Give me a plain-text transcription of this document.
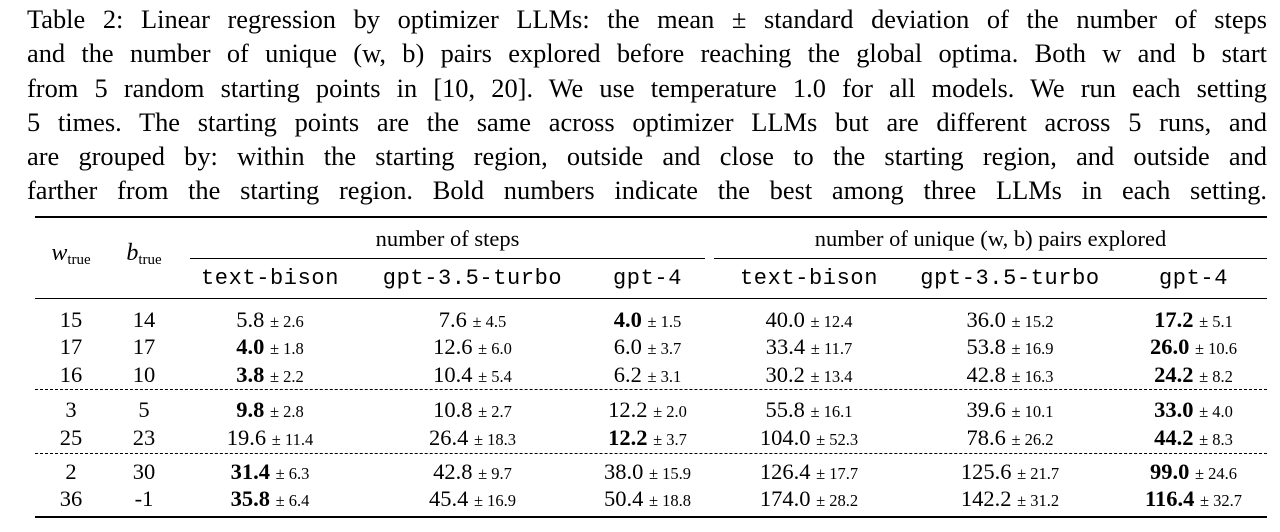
Table 2: Linear regression by optimizer LLMs: the mean ± standard deviation of the number of steps
and the number of unique (w, b) pairs explored before reaching the global optima. Both w and b start
from 5 random starting points in [10, 20]. We use temperature 1.0 for all models. We run each setting
5 times. The starting points are the same across optimizer LLMs but are different across 5 runs, and
are grouped by: within the starting region, outside and close to the starting region, and outside and
farther from the starting region. Bold numbers indicate the best among three LLMs in each setting.
$w_{true}$	$b_{true}$
number of steps	number of unique (w, b) pairs explored
text-bison	gpt-3.5-turbo	gpt-4	text-bison	gpt-3.5-turbo	gpt-4
15	14	5.8 ± 2.6	7.6 ± 4.5	4.0 ± 1.5	40.0 ± 12.4	36.0 ± 15.2	17.2 ± 5.1
17	17	4.0 ± 1.8	12.6 ± 6.0	6.0 ± 3.7	33.4 ± 11.7	53.8 ± 16.9	26.0 ± 10.6
16	10	3.8 ± 2.2	10.4 ± 5.4	6.2 ± 3.1	30.2 ± 13.4	42.8 ± 16.3	24.2 ± 8.2
3	5	9.8 ± 2.8	10.8 ± 2.7	12.2 ± 2.0	55.8 ± 16.1	39.6 ± 10.1	33.0 ± 4.0
25	23	19.6 ± 11.4	26.4 ± 18.3	12.2 ± 3.7	104.0 ± 52.3	78.6 ± 26.2	44.2 ± 8.3
2	30	31.4 ± 6.3	42.8 ± 9.7	38.0 ± 15.9	126.4 ± 17.7	125.6 ± 21.7	99.0 ± 24.6
36	-1	35.8 ± 6.4	45.4 ± 16.9	50.4 ± 18.8	174.0 ± 28.2	142.2 ± 31.2	116.4 ± 32.7
